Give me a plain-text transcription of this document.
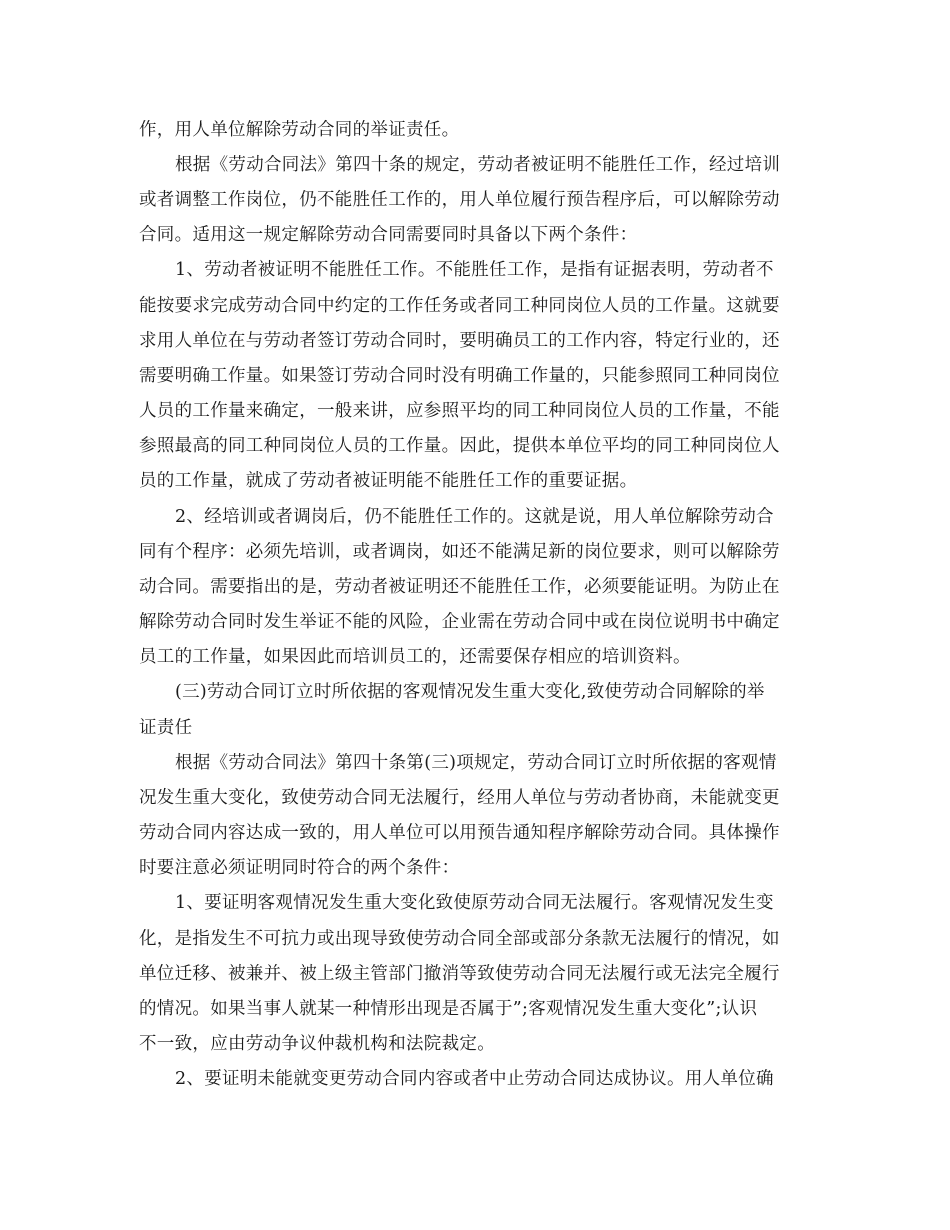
作，用人单位解除劳动合同的举证责任。
根据《劳动合同法》第四十条的规定，劳动者被证明不能胜任工作，经过培训
或者调整工作岗位，仍不能胜任工作的，用人单位履行预告程序后，可以解除劳动
合同。适用这一规定解除劳动合同需要同时具备以下两个条件：
1、劳动者被证明不能胜任工作。不能胜任工作，是指有证据表明，劳动者不
能按要求完成劳动合同中约定的工作任务或者同工种同岗位人员的工作量。这就要
求用人单位在与劳动者签订劳动合同时，要明确员工的工作内容，特定行业的，还
需要明确工作量。如果签订劳动合同时没有明确工作量的，只能参照同工种同岗位
人员的工作量来确定，一般来讲，应参照平均的同工种同岗位人员的工作量，不能
参照最高的同工种同岗位人员的工作量。因此，提供本单位平均的同工种同岗位人
员的工作量，就成了劳动者被证明能不能胜任工作的重要证据。
2、经培训或者调岗后，仍不能胜任工作的。这就是说，用人单位解除劳动合
同有个程序：必须先培训，或者调岗，如还不能满足新的岗位要求，则可以解除劳
动合同。需要指出的是，劳动者被证明还不能胜任工作，必须要能证明。为防止在
解除劳动合同时发生举证不能的风险，企业需在劳动合同中或在岗位说明书中确定
员工的工作量，如果因此而培训员工的，还需要保存相应的培训资料。
(三)劳动合同订立时所依据的客观情况发生重大变化,致使劳动合同解除的举
证责任
根据《劳动合同法》第四十条第(三)项规定，劳动合同订立时所依据的客观情
况发生重大变化，致使劳动合同无法履行，经用人单位与劳动者协商，未能就变更
劳动合同内容达成一致的，用人单位可以用预告通知程序解除劳动合同。具体操作
时要注意必须证明同时符合的两个条件：
1、要证明客观情况发生重大变化致使原劳动合同无法履行。客观情况发生变
化，是指发生不可抗力或出现导致使劳动合同全部或部分条款无法履行的情况，如
单位迁移、被兼并、被上级主管部门撤消等致使劳动合同无法履行或无法完全履行
的情况。如果当事人就某一种情形出现是否属于”;客观情况发生重大变化”;认识
不一致，应由劳动争议仲裁机构和法院裁定。
2、要证明未能就变更劳动合同内容或者中止劳动合同达成协议。用人单位确
